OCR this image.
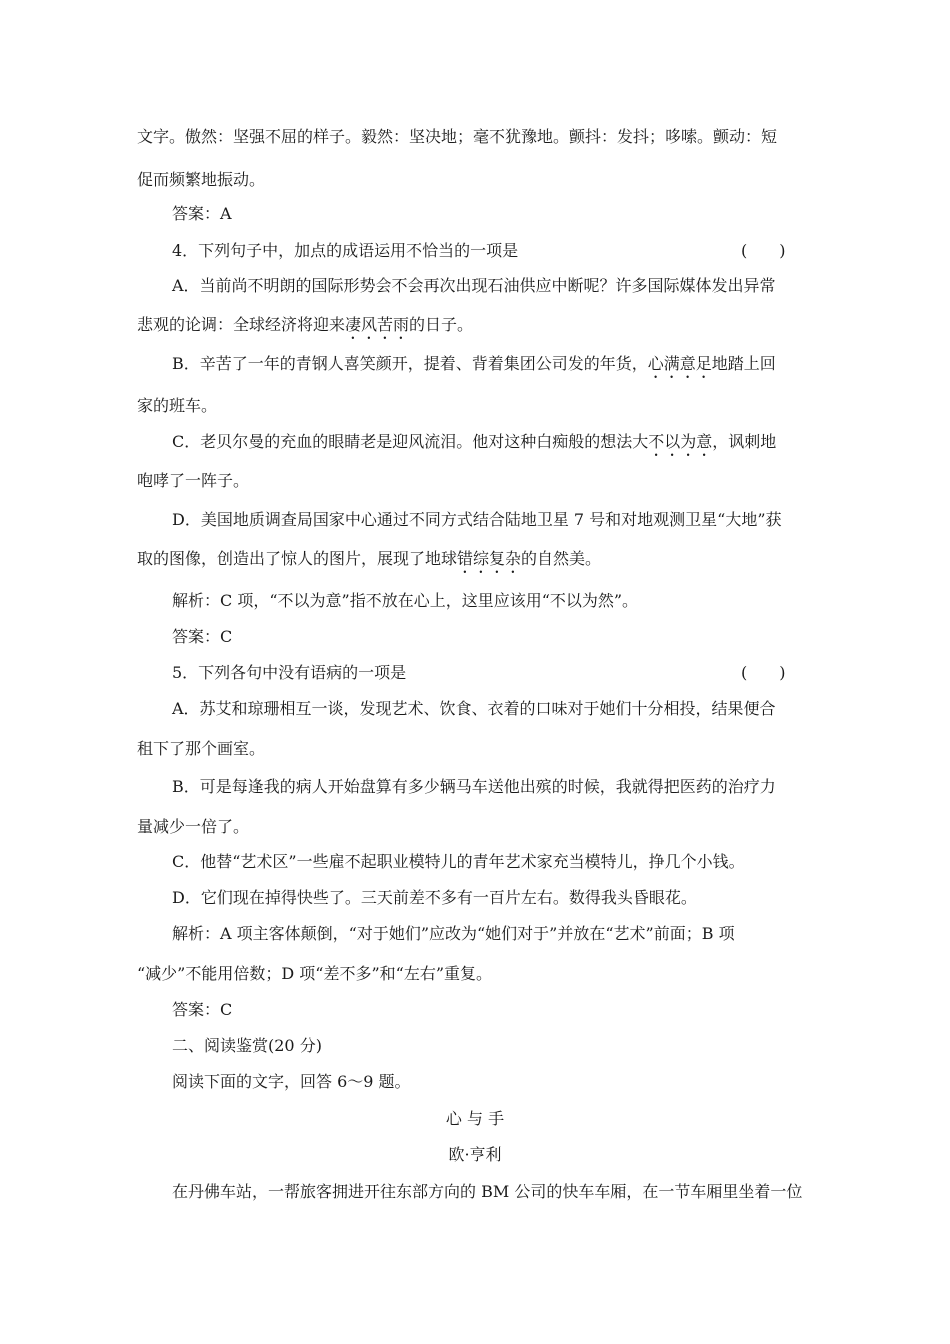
文字。傲然：坚强不屈的样子。毅然：坚决地；毫不犹豫地。颤抖：发抖；哆嗦。颤动：短
促而频繁地振动。
答案：A
4．下列句子中，加点的成语运用不恰当的一项是	(　　)
A．当前尚不明朗的国际形势会不会再次出现石油供应中断呢？许多国际媒体发出异常
悲观的论调：全球经济将迎来凄风苦雨的日子。
B．辛苦了一年的青钢人喜笑颜开，提着、背着集团公司发的年货，心满意足地踏上回
家的班车。
C．老贝尔曼的充血的眼睛老是迎风流泪。他对这种白痴般的想法大不以为意，讽刺地
咆哮了一阵子。
D．美国地质调查局国家中心通过不同方式结合陆地卫星 7 号和对地观测卫星“大地”获
取的图像，创造出了惊人的图片，展现了地球错综复杂的自然美。
解析：C 项，“不以为意”指不放在心上，这里应该用“不以为然”。
答案：C
5．下列各句中没有语病的一项是	(　　)
A．苏艾和琼珊相互一谈，发现艺术、饮食、衣着的口味对于她们十分相投，结果便合
租下了那个画室。
B．可是每逢我的病人开始盘算有多少辆马车送他出殡的时候，我就得把医药的治疗力
量减少一倍了。
C．他替“艺术区”一些雇不起职业模特儿的青年艺术家充当模特儿，挣几个小钱。
D．它们现在掉得快些了。三天前差不多有一百片左右。数得我头昏眼花。
解析：A 项主客体颠倒，“对于她们”应改为“她们对于”并放在“艺术”前面；B 项
“减少”不能用倍数；D 项“差不多”和“左右”重复。
答案：C
二、阅读鉴赏(20 分)
阅读下面的文字，回答 6～9 题。
心 与 手
欧·亨利
在丹佛车站，一帮旅客拥进开往东部方向的 BM 公司的快车车厢，在一节车厢里坐着一位
